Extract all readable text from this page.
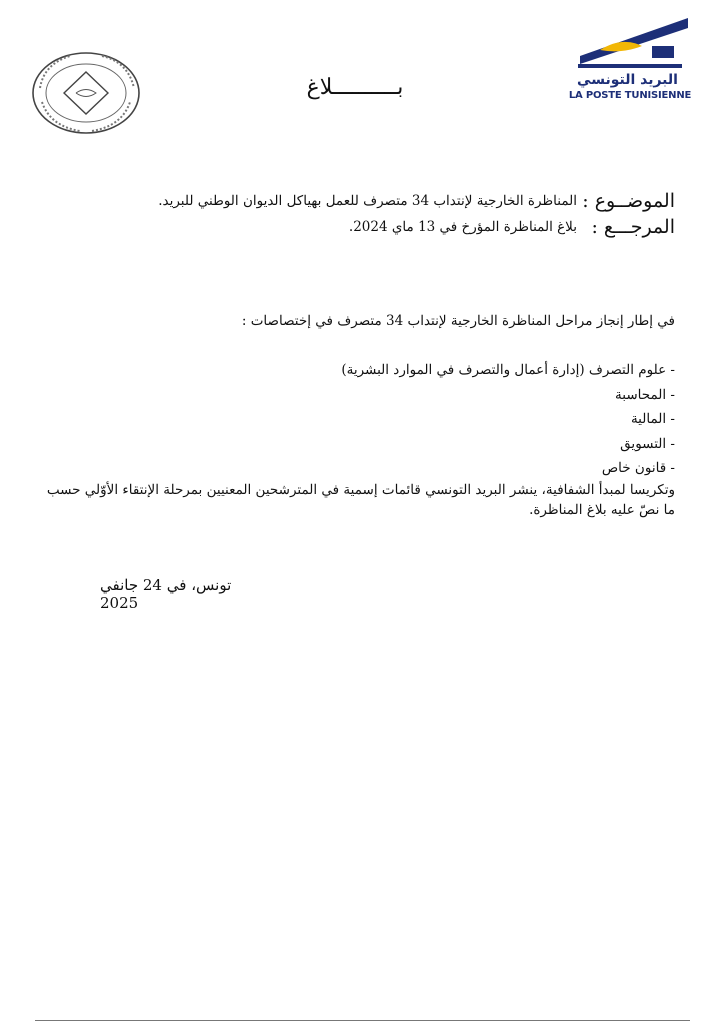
البريد التونسي
LA POSTE TUNISIENNE
بــــــــــلاغ
الموضــوع :
المناظرة الخارجية لإنتداب 34 متصرف للعمل بهياكل الديوان الوطني للبريد.
المرجـــع :
بلاغ المناظرة المؤرخ في 13 ماي 2024.
في إطار إنجاز مراحل المناظرة الخارجية لإنتداب 34 متصرف في إختصاصات :
- علوم التصرف (إدارة أعمال والتصرف في الموارد البشرية)
- المحاسبة
- المالية
- التسويق
- قانون خاص
وتكريسا لمبدأ الشفافية، ينشر البريد التونسي قائمات إسمية في المترشحين المعنيين بمرحلة الإنتقاء الأوّلي حسب ما نصّ عليه بلاغ المناظرة.
تونس، في 24 جانفي 2025
